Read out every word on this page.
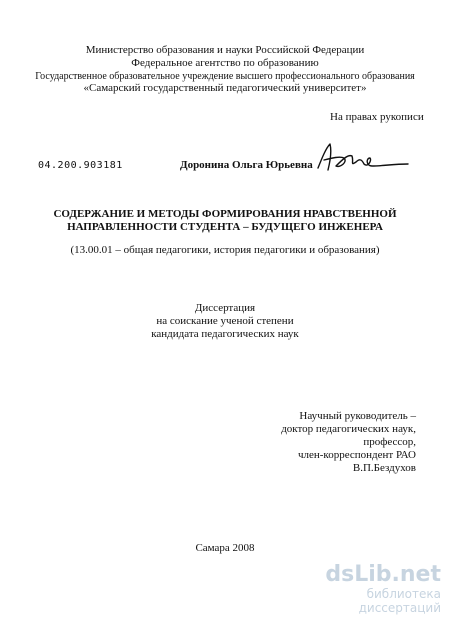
Министерство образования и науки Российской Федерации
Федеральное агентство по образованию
Государственное образовательное учреждение высшего профессионального образования
«Самарский государственный педагогический университет»
На правах рукописи
04.200.903181	Доронина Ольга Юрьевна
СОДЕРЖАНИЕ И МЕТОДЫ ФОРМИРОВАНИЯ НРАВСТВЕННОЙ
НАПРАВЛЕННОСТИ СТУДЕНТА – БУДУЩЕГО ИНЖЕНЕРА
(13.00.01 – общая педагогики, история педагогики и образования)
Диссертация
на соискание ученой степени
кандидата педагогических наук
Научный руководитель –
доктор педагогических наук,
профессор,
член-корреспондент РАО
В.П.Бездухов
Самара 2008
dsLib.net
библиотека диссертаций
